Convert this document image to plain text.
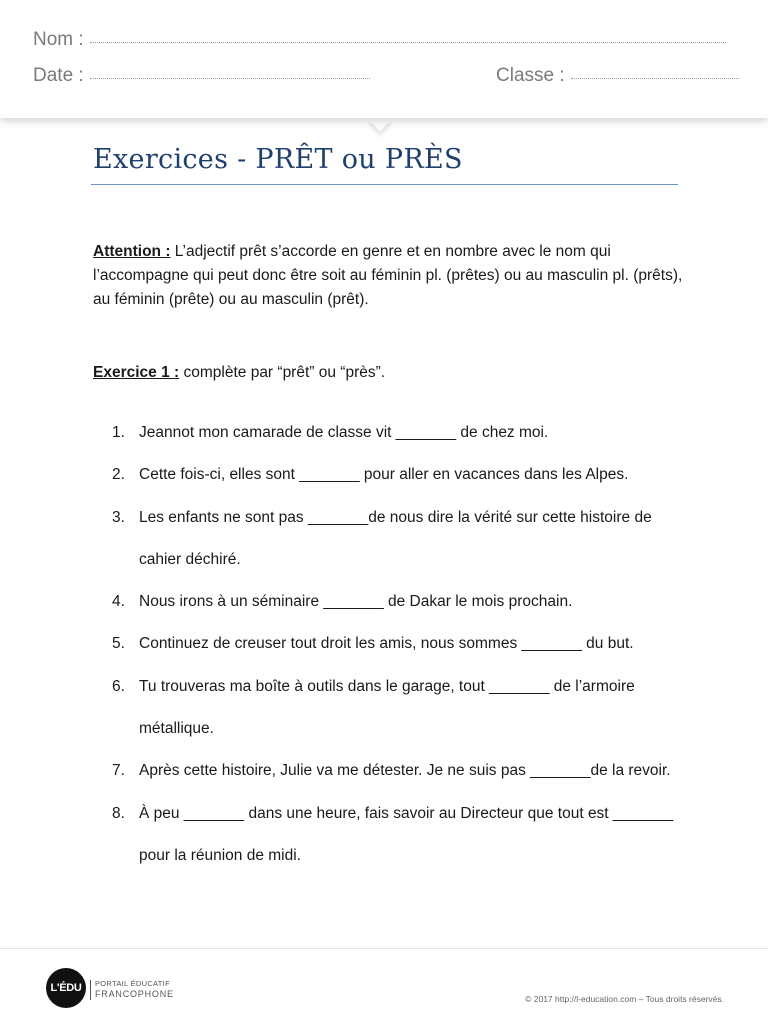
Nom :
Date :	Classe :
Exercices - PRÊT ou PRÈS
Attention : L’adjectif prêt s’accorde en genre et en nombre avec le nom qui l’accompagne qui peut donc être soit au féminin pl. (prêtes) ou au masculin pl. (prêts), au féminin (prête) ou au masculin (prêt).
Exercice 1 : complète par “prêt” ou “près”.
1. Jeannot mon camarade de classe vit _______ de chez moi.
2. Cette fois-ci, elles sont _______ pour aller en vacances dans les Alpes.
3. Les enfants ne sont pas _______de nous dire la vérité sur cette histoire de
cahier déchiré.
4. Nous irons à un séminaire _______ de Dakar le mois prochain.
5. Continuez de creuser tout droit les amis, nous sommes _______ du but.
6. Tu trouveras ma boîte à outils dans le garage, tout _______ de l’armoire
métallique.
7. Après cette histoire, Julie va me détester. Je ne suis pas _______de la revoir.
8. À peu _______ dans une heure, fais savoir au Directeur que tout est _______
pour la réunion de midi.
L'ÉDU	PORTAIL ÉDUCATIF
FRANCOPHONE	© 2017 http://l-education.com – Tous droits réservés.
